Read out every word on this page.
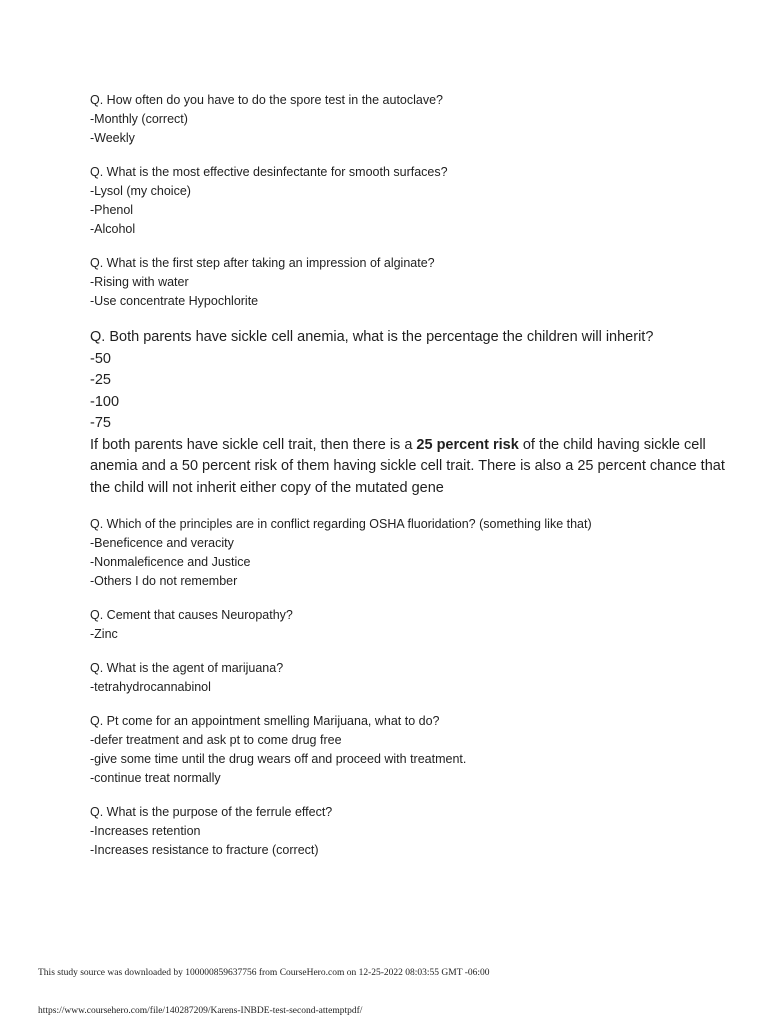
Q. How often do you have to do the spore test in the autoclave?
-Monthly (correct)
-Weekly
Q. What is the most effective desinfectante for smooth surfaces?
-Lysol (my choice)
-Phenol
-Alcohol
Q. What is the first step after taking an impression of alginate?
-Rising with water
-Use concentrate Hypochlorite
Q. Both parents have sickle cell anemia, what is the percentage the children will inherit?
-50
-25
-100
-75
If both parents have sickle cell trait, then there is a 25 percent risk of the child having sickle cell anemia and a 50 percent risk of them having sickle cell trait. There is also a 25 percent chance that the child will not inherit either copy of the mutated gene
Q. Which of the principles are in conflict regarding OSHA fluoridation? (something like that)
-Beneficence and veracity
-Nonmaleficence and Justice
-Others I do not remember
Q. Cement that causes Neuropathy?
-Zinc
Q. What is the agent of marijuana?
-tetrahydrocannabinol
Q. Pt come for an appointment smelling Marijuana, what to do?
-defer treatment and ask pt to come drug free
-give some time until the drug wears off and proceed with treatment.
-continue treat normally
Q. What is the purpose of the ferrule effect?
-Increases retention
-Increases resistance to fracture (correct)
This study source was downloaded by 100000859637756 from CourseHero.com on 12-25-2022 08:03:55 GMT -06:00
https://www.coursehero.com/file/140287209/Karens-INBDE-test-second-attemptpdf/
